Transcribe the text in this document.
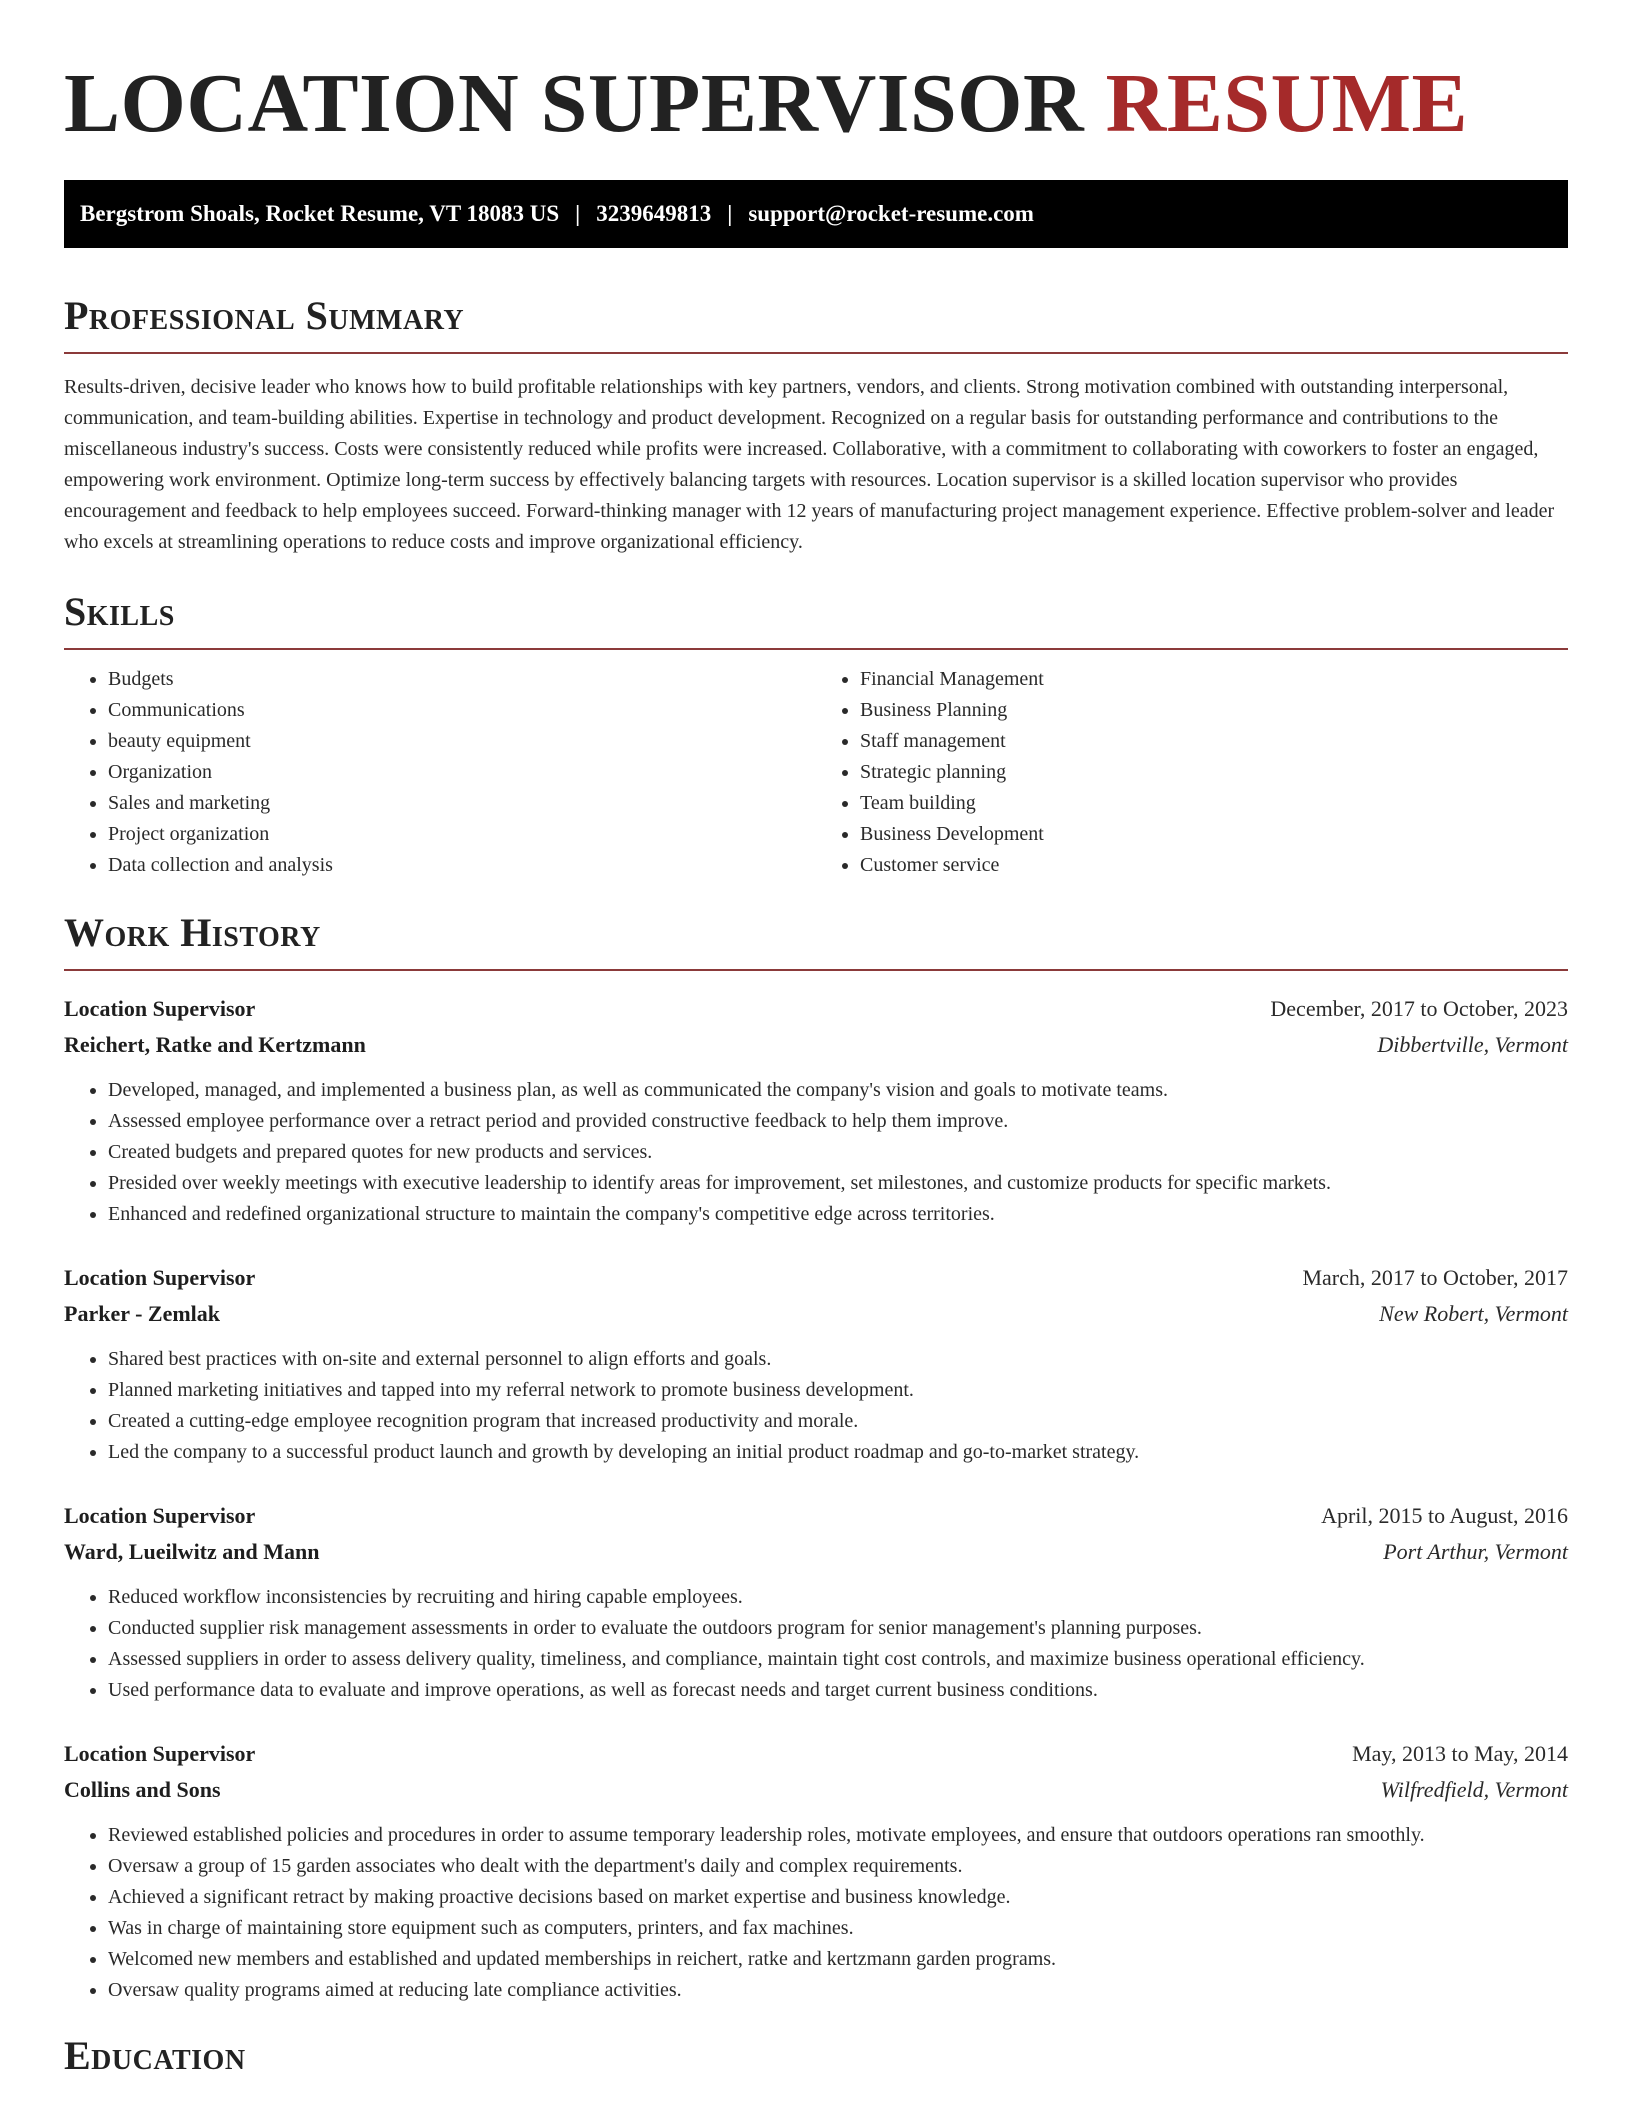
LOCATION SUPERVISOR RESUME
Bergstrom Shoals, Rocket Resume, VT 18083 US | 3239649813 | support@rocket-resume.com
Professional Summary

Results-driven, decisive leader who knows how to build profitable relationships with key partners, vendors, and clients. Strong motivation combined with outstanding interpersonal, communication, and team-building abilities. Expertise in technology and product development. Recognized on a regular basis for outstanding performance and contributions to the miscellaneous industry's success. Costs were consistently reduced while profits were increased. Collaborative, with a commitment to collaborating with coworkers to foster an engaged, empowering work environment. Optimize long-term success by effectively balancing targets with resources. Location supervisor is a skilled location supervisor who provides encouragement and feedback to help employees succeed. Forward-thinking manager with 12 years of manufacturing project management experience. Effective problem-solver and leader who excels at streamlining operations to reduce costs and improve organizational efficiency.

Skills
• Budgets
• Communications
• beauty equipment
• Organization
• Sales and marketing
• Project organization
• Data collection and analysis
• Financial Management
• Business Planning
• Staff management
• Strategic planning
• Team building
• Business Development
• Customer service
Work History
Location Supervisor	December, 2017 to October, 2023
Reichert, Ratke and Kertzmann	Dibbertville, Vermont
• Developed, managed, and implemented a business plan, as well as communicated the company's vision and goals to motivate teams.
• Assessed employee performance over a retract period and provided constructive feedback to help them improve.
• Created budgets and prepared quotes for new products and services.
• Presided over weekly meetings with executive leadership to identify areas for improvement, set milestones, and customize products for specific markets.
• Enhanced and redefined organizational structure to maintain the company's competitive edge across territories.
Location Supervisor	March, 2017 to October, 2017
Parker - Zemlak	New Robert, Vermont
• Shared best practices with on-site and external personnel to align efforts and goals.
• Planned marketing initiatives and tapped into my referral network to promote business development.
• Created a cutting-edge employee recognition program that increased productivity and morale.
• Led the company to a successful product launch and growth by developing an initial product roadmap and go-to-market strategy.
Location Supervisor	April, 2015 to August, 2016
Ward, Lueilwitz and Mann	Port Arthur, Vermont
• Reduced workflow inconsistencies by recruiting and hiring capable employees.
• Conducted supplier risk management assessments in order to evaluate the outdoors program for senior management's planning purposes.
• Assessed suppliers in order to assess delivery quality, timeliness, and compliance, maintain tight cost controls, and maximize business operational efficiency.
• Used performance data to evaluate and improve operations, as well as forecast needs and target current business conditions.
Location Supervisor	May, 2013 to May, 2014
Collins and Sons	Wilfredfield, Vermont
• Reviewed established policies and procedures in order to assume temporary leadership roles, motivate employees, and ensure that outdoors operations ran smoothly.
• Oversaw a group of 15 garden associates who dealt with the department's daily and complex requirements.
• Achieved a significant retract by making proactive decisions based on market expertise and business knowledge.
• Was in charge of maintaining store equipment such as computers, printers, and fax machines.
• Welcomed new members and established and updated memberships in reichert, ratke and kertzmann garden programs.
• Oversaw quality programs aimed at reducing late compliance activities.
Education
